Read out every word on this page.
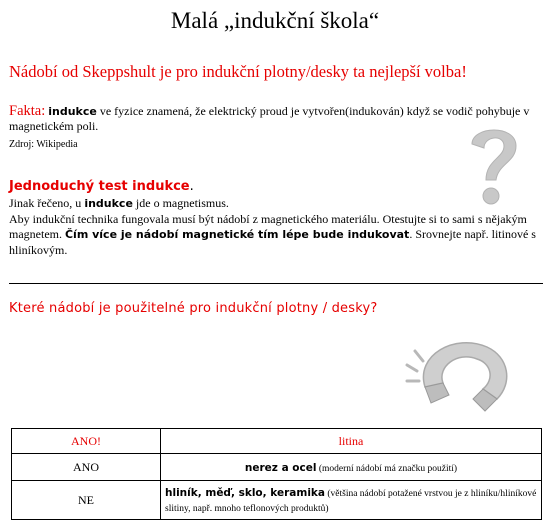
Malá „indukční škola“
Nádobí od Skeppshult je pro indukční plotny/desky ta nejlepší volba!
Fakta: indukce ve fyzice znamená, že elektrický proud je vytvořen(indukován) když se vodič pohybuje v magnetickém poli.
Zdroj: Wikipedia
Jednoduchý test indukce.
Jinak řečeno, u indukce jde o magnetismus.
Aby indukční technika fungovala musí být nádobí z magnetického materiálu. Otestujte si to sami s nějakým magnetem. Čím více je nádobí magnetické tím lépe bude indukovat. Srovnejte např. litinové s hliníkovým.
Které nádobí je použitelné pro indukční plotny / desky?
ANO!	litina
ANO	nerez a ocel (moderní nádobí má značku použití)
NE	hliník, měď, sklo, keramika (většina nádobí potažené vrstvou je z hliníku/hliníkové slitiny, např. mnoho teflonových produktů)
